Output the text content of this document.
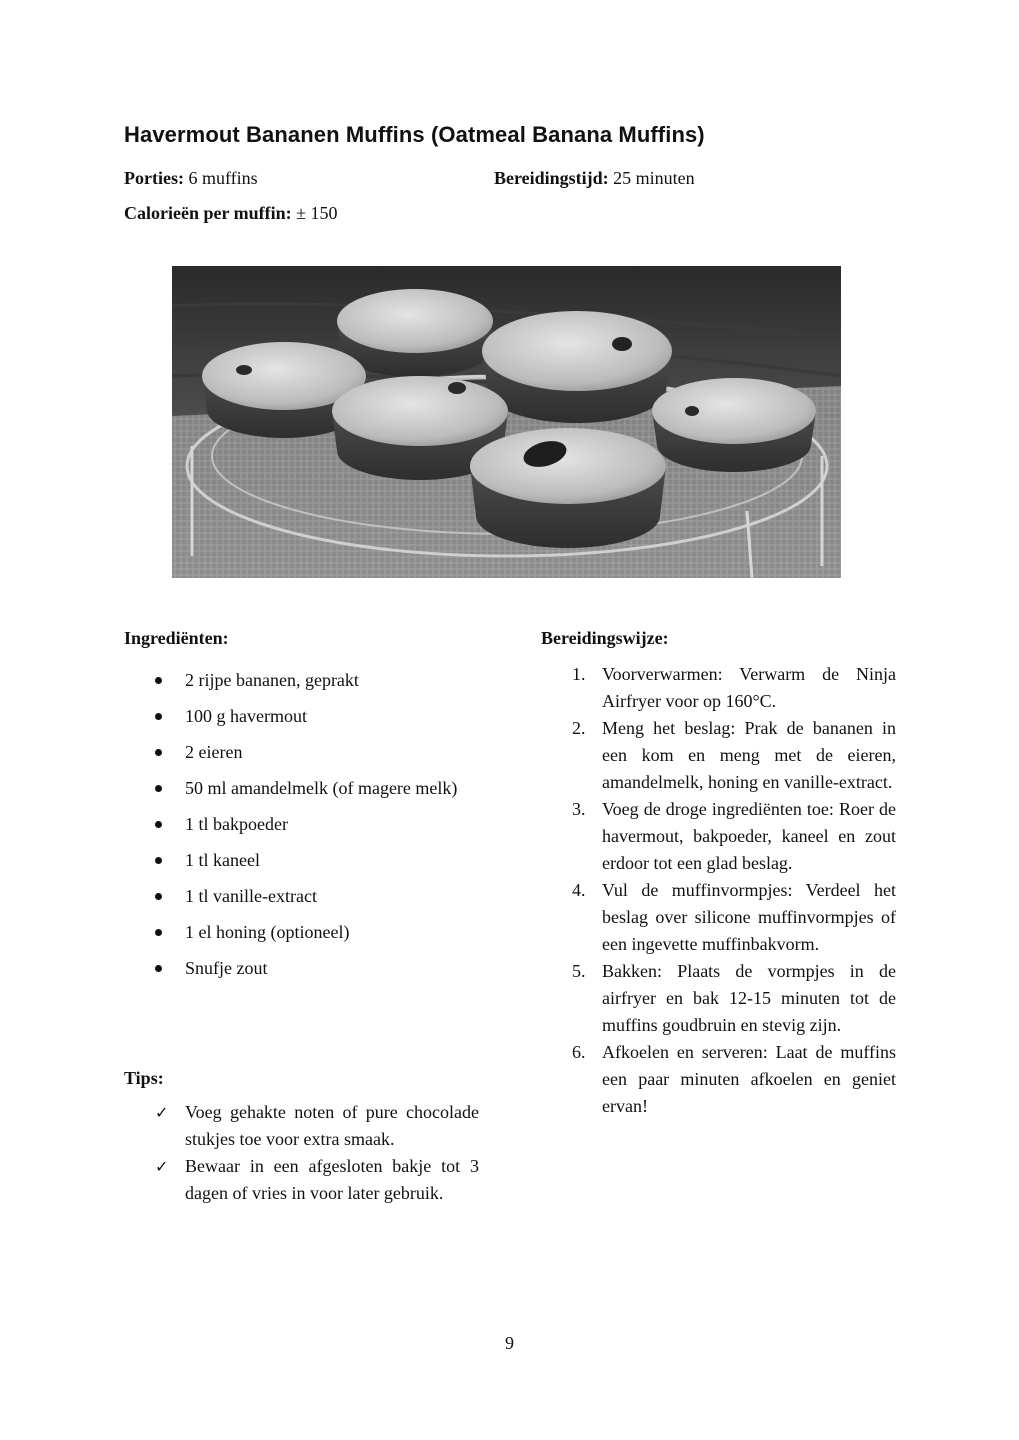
Havermout Bananen Muffins (Oatmeal Banana Muffins)
Porties: 6 muffins	Bereidingstijd: 25 minuten
Calorieën per muffin: ± 150
Ingrediënten:
2 rijpe bananen, geprakt
100 g havermout
2 eieren
50 ml amandelmelk (of magere melk)
1 tl bakpoeder
1 tl kaneel
1 tl vanille-extract
1 el honing (optioneel)
Snufje zout
Tips:
✓ Voeg gehakte noten of pure chocolade stukjes toe voor extra smaak.
✓ Bewaar in een afgesloten bakje tot 3 dagen of vries in voor later gebruik.
Bereidingswijze:
1. Voorverwarmen: Verwarm de Ninja Airfryer voor op 160°C.
2. Meng het beslag: Prak de bananen in een kom en meng met de eieren, amandelmelk, honing en vanille-extract.
3. Voeg de droge ingrediënten toe: Roer de havermout, bakpoeder, kaneel en zout erdoor tot een glad beslag.
4. Vul de muffinvormpjes: Verdeel het beslag over silicone muffinvormpjes of een ingevette muffinbakvorm.
5. Bakken: Plaats de vormpjes in de airfryer en bak 12-15 minuten tot de muffins goudbruin en stevig zijn.
6. Afkoelen en serveren: Laat de muffins een paar minuten afkoelen en geniet ervan!
9
